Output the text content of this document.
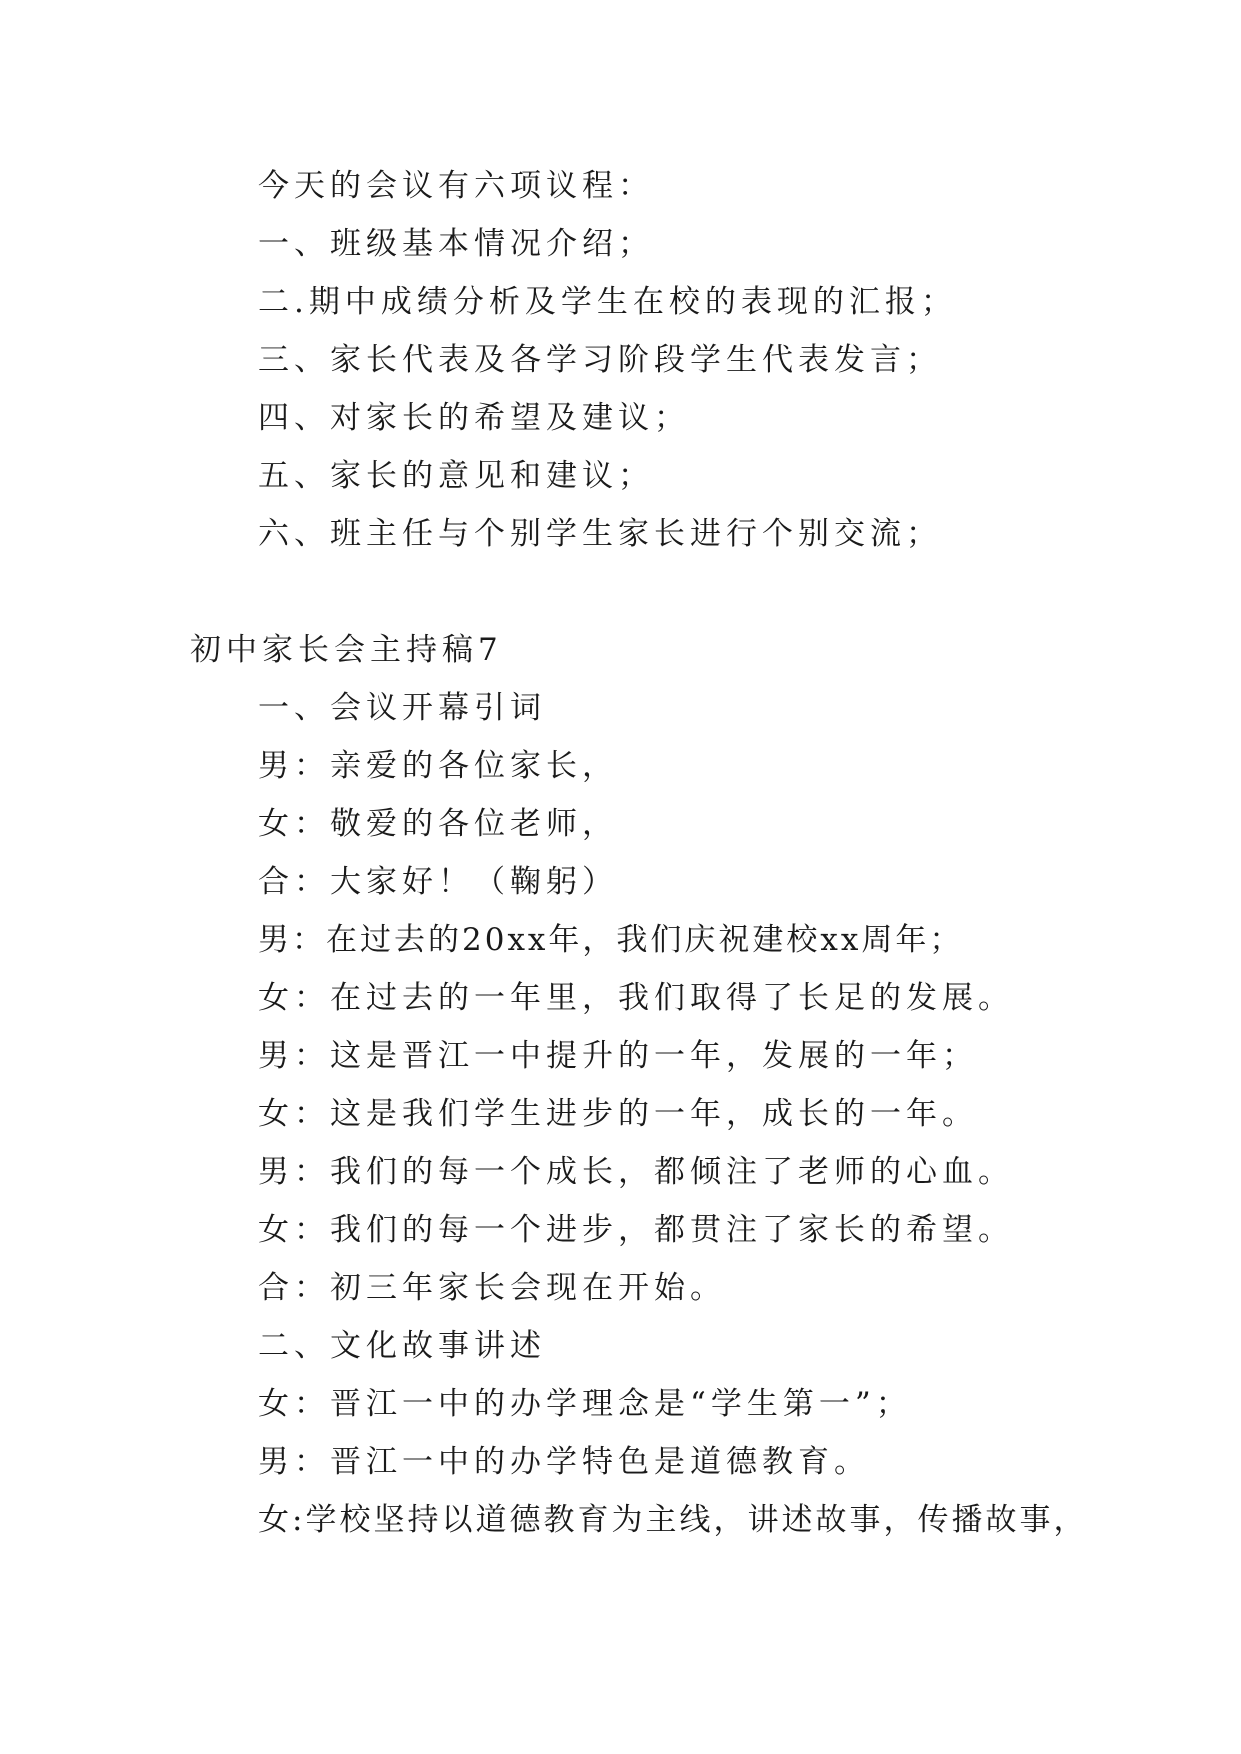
今天的会议有六项议程：
一、班级基本情况介绍；
二.期中成绩分析及学生在校的表现的汇报；
三、家长代表及各学习阶段学生代表发言；
四、对家长的希望及建议；
五、家长的意见和建议；
六、班主任与个别学生家长进行个别交流；
初中家长会主持稿7
一、会议开幕引词
男：亲爱的各位家长，
女：敬爱的各位老师，
合：大家好！（鞠躬）
男：在过去的20xx年，我们庆祝建校xx周年；
女：在过去的一年里，我们取得了长足的发展。
男：这是晋江一中提升的一年，发展的一年；
女：这是我们学生进步的一年，成长的一年。
男：我们的每一个成长，都倾注了老师的心血。
女：我们的每一个进步，都贯注了家长的希望。
合：初三年家长会现在开始。
二、文化故事讲述
女：晋江一中的办学理念是“学生第一”；
男：晋江一中的办学特色是道德教育。
女:学校坚持以道德教育为主线，讲述故事，传播故事，
